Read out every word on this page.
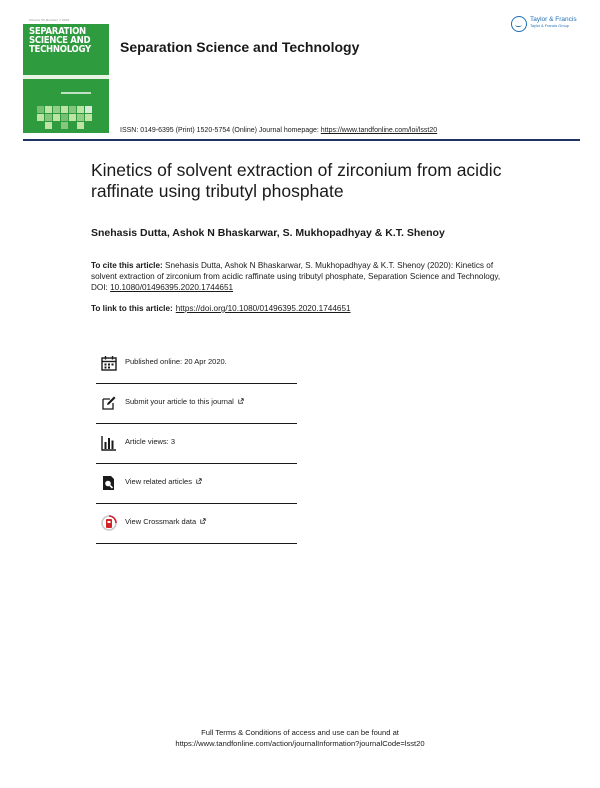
Volume 55 Number 7 2020
SEPARATION SCIENCE AND TECHNOLOGY	Separation Science and Technology
ISSN: 0149-6395 (Print) 1520-5754 (Online) Journal homepage: https://www.tandfonline.com/loi/lsst20
Taylor & Francis
Taylor & Francis Group
Kinetics of solvent extraction of zirconium from acidic raffinate using tributyl phosphate
Snehasis Dutta, Ashok N Bhaskarwar, S. Mukhopadhyay & K.T. Shenoy
To cite this article: Snehasis Dutta, Ashok N Bhaskarwar, S. Mukhopadhyay & K.T. Shenoy (2020): Kinetics of solvent extraction of zirconium from acidic raffinate using tributyl phosphate, Separation Science and Technology, DOI: 10.1080/01496395.2020.1744651
To link to this article: https://doi.org/10.1080/01496395.2020.1744651
Published online: 20 Apr 2020.
Submit your article to this journal
Article views: 3
View related articles
View Crossmark data
Full Terms & Conditions of access and use can be found at
https://www.tandfonline.com/action/journalInformation?journalCode=lsst20
